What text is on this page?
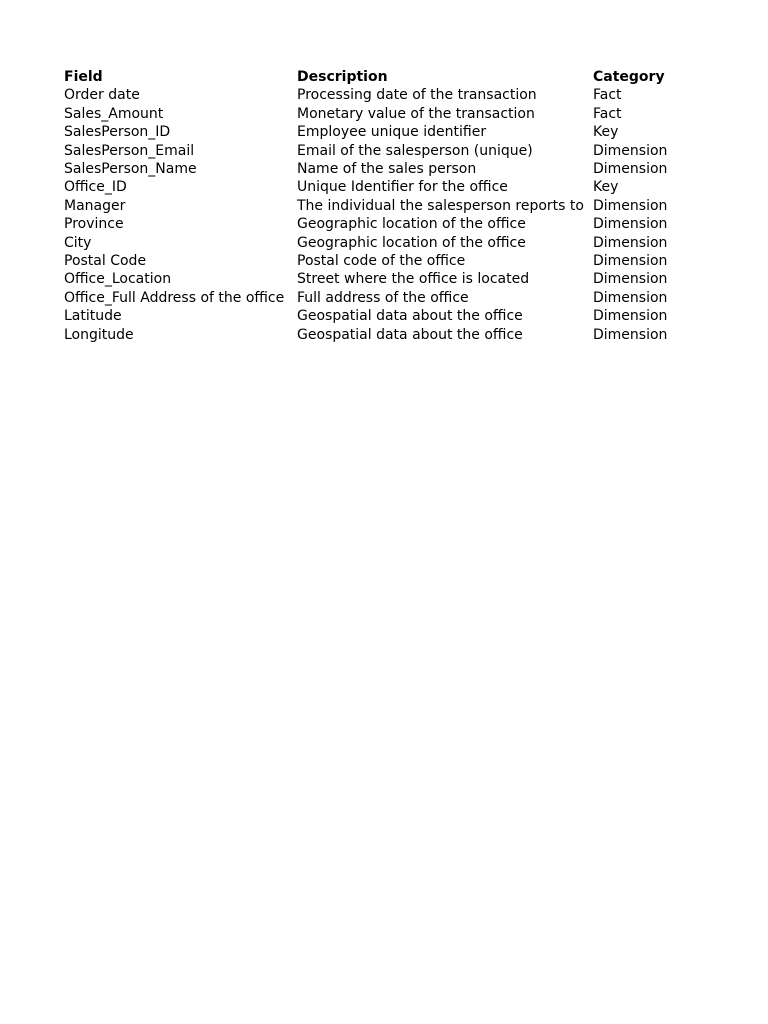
Field	Description	Category
Order date	Processing date of the transaction	Fact
Sales_Amount	Monetary value of the transaction	Fact
SalesPerson_ID	Employee unique identifier	Key
SalesPerson_Email	Email of the salesperson (unique)	Dimension
SalesPerson_Name	Name of the sales person	Dimension
Office_ID	Unique Identifier for the office	Key
Manager	The individual the salesperson reports to	Dimension
Province	Geographic location of the office	Dimension
City	Geographic location of the office	Dimension
Postal Code	Postal code of the office	Dimension
Office_Location	Street where the office is located	Dimension
Office_Full Address of the office	Full address of the office	Dimension
Latitude	Geospatial data about the office	Dimension
Longitude	Geospatial data about the office	Dimension
